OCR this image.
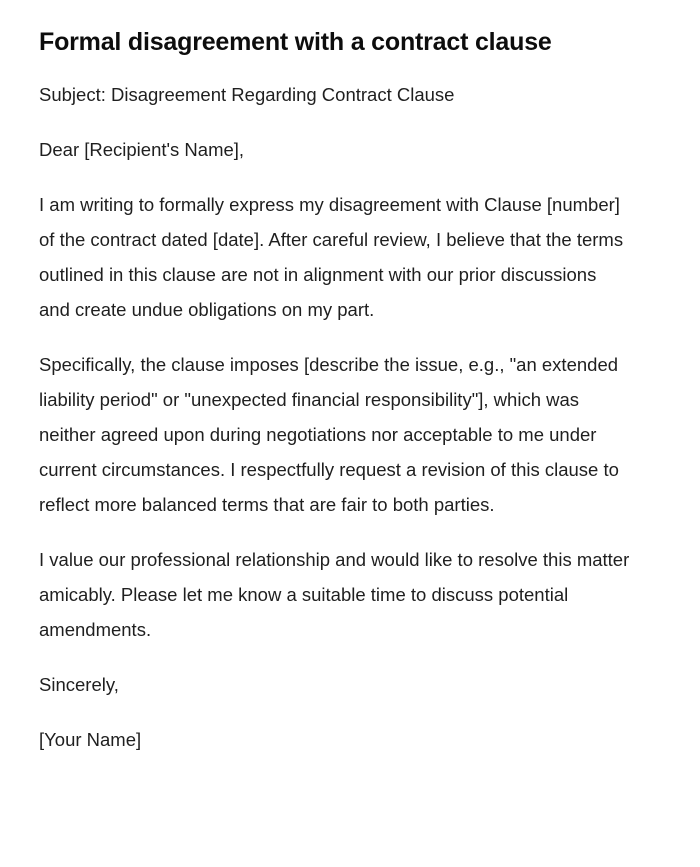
Formal disagreement with a contract clause

Subject: Disagreement Regarding Contract Clause

Dear [Recipient's Name],

I am writing to formally express my disagreement with Clause [number] of the contract dated [date]. After careful review, I believe that the terms outlined in this clause are not in alignment with our prior discussions and create undue obligations on my part.

Specifically, the clause imposes [describe the issue, e.g., "an extended liability period" or "unexpected financial responsibility"], which was neither agreed upon during negotiations nor acceptable to me under current circumstances. I respectfully request a revision of this clause to reflect more balanced terms that are fair to both parties.

I value our professional relationship and would like to resolve this matter amicably. Please let me know a suitable time to discuss potential amendments.

Sincerely,

[Your Name]
